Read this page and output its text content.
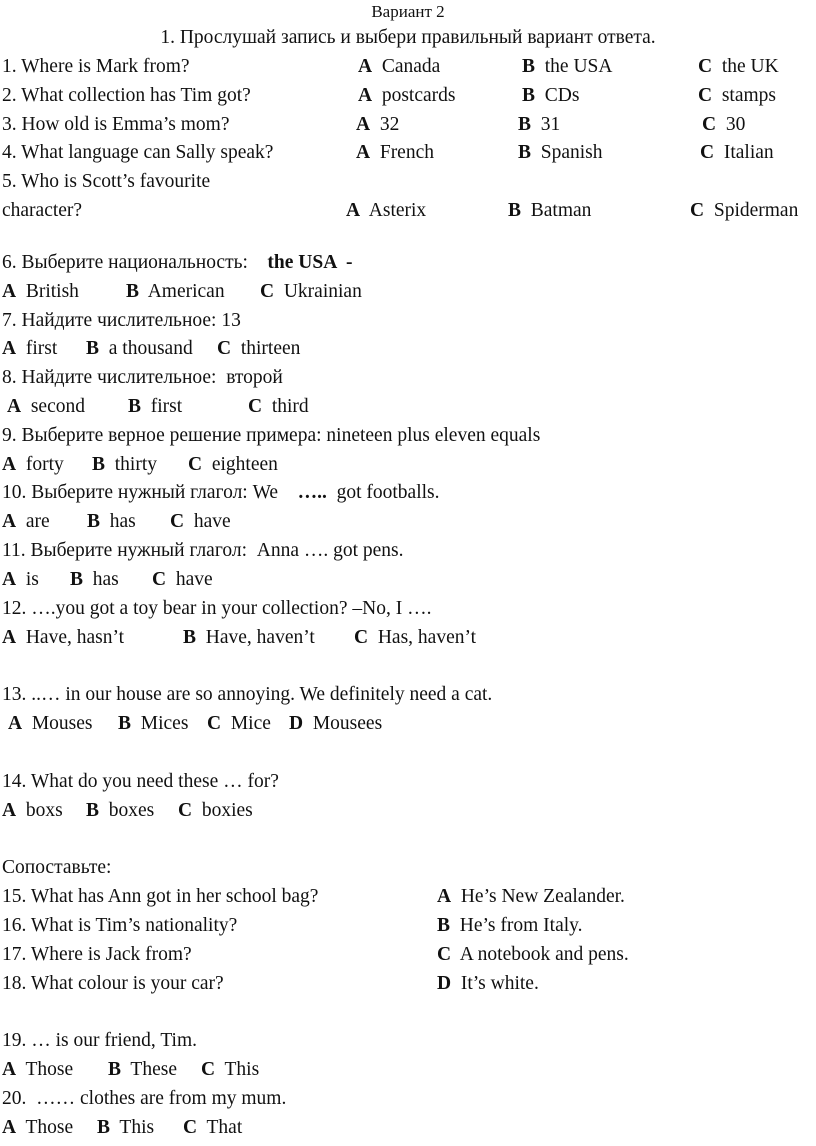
Вариант 2
1. Прослушай запись и выбери правильный вариант ответа.
1. Where is Mark from?	A Canada	B the USA	C the UK
2. What collection has Tim got?	A postcards	B CDs	C stamps
3. How old is Emma’s mom?	A 32	B 31	C 30
4. What language can Sally speak?	A French	B Spanish	C Italian
5. Who is Scott’s favourite
character?	A Asterix	B Batman	C Spiderman
6. Выберите национальность: the USA  -
A British B American C Ukrainian
7. Найдите числительное: 13
A first B a thousand C thirteen
8. Найдите числительное:  второй
A second B first	C third
9. Выберите верное решение примера: nineteen plus eleven equals
A forty B thirty C eighteen
10. Выберите нужный глагол: We ….. got footballs.
A are B has C have
11. Выберите нужный глагол:  Anna …. got pens.
A is B has C have
12. ….you got a toy bear in your collection? –No, I ….
A Have, hasn’t	B Have, haven’t C Has, haven’t
13. ..… in our house are so annoying. We definitely need a cat.
A Mouses B Mices C Mice D Mousees
14. What do you need these … for?
A boxs B boxes C boxies
Сопоставьте:
15. What has Ann got in her school bag?	A He’s New Zealander.
16. What is Tim’s nationality?	B He’s from Italy.
17. Where is Jack from?	C A notebook and pens.
18. What colour is your car?	D It’s white.
19. … is our friend, Tim.
A Those B These C This
20.  …… clothes are from my mum.
A Those B This C That
